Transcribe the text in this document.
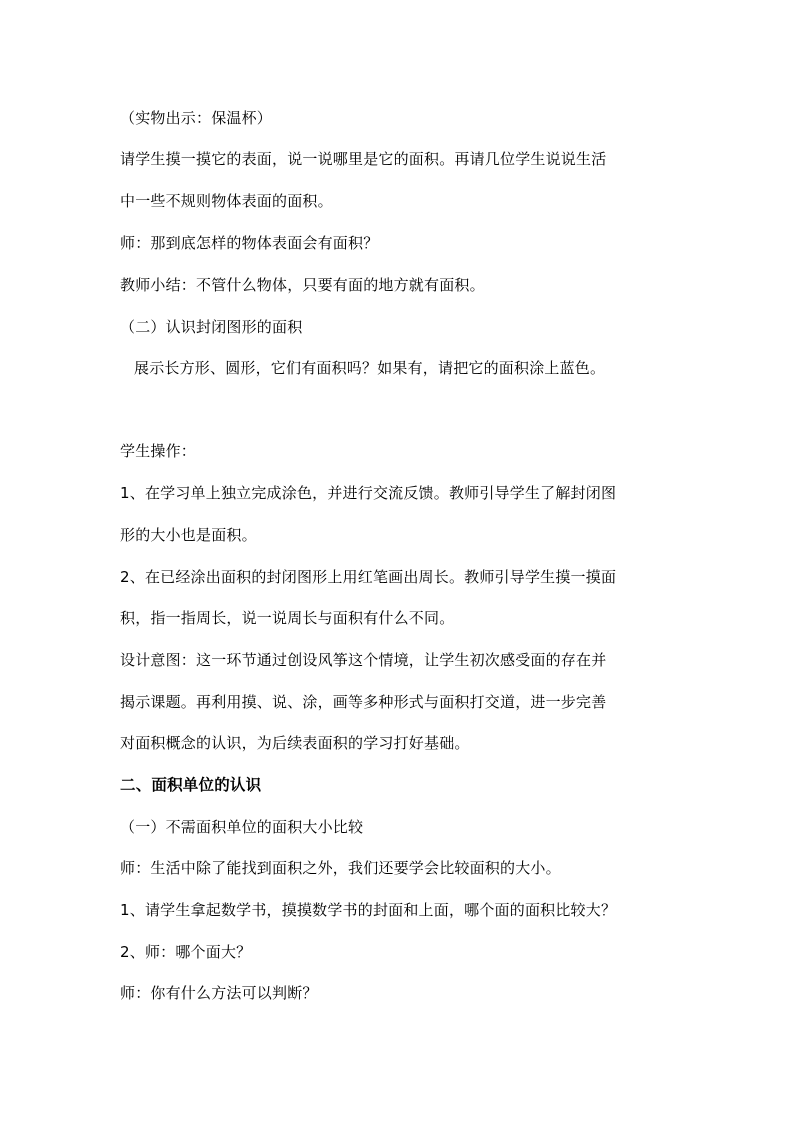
（实物出示：保温杯）
请学生摸一摸它的表面，说一说哪里是它的面积。再请几位学生说说生活
中一些不规则物体表面的面积。
师：那到底怎样的物体表面会有面积？
教师小结：不管什么物体，只要有面的地方就有面积。
（二）认识封闭图形的面积
展示长方形、圆形，它们有面积吗？如果有，请把它的面积涂上蓝色。
学生操作：
1、在学习单上独立完成涂色，并进行交流反馈。教师引导学生了解封闭图
形的大小也是面积。
2、在已经涂出面积的封闭图形上用红笔画出周长。教师引导学生摸一摸面
积，指一指周长，说一说周长与面积有什么不同。
设计意图：这一环节通过创设风筝这个情境，让学生初次感受面的存在并
揭示课题。再利用摸、说、涂，画等多种形式与面积打交道，进一步完善
对面积概念的认识，为后续表面积的学习打好基础。
二、面积单位的认识
（一）不需面积单位的面积大小比较
师：生活中除了能找到面积之外，我们还要学会比较面积的大小。
1、请学生拿起数学书，摸摸数学书的封面和上面，哪个面的面积比较大？
2、师：哪个面大？
师：你有什么方法可以判断？
